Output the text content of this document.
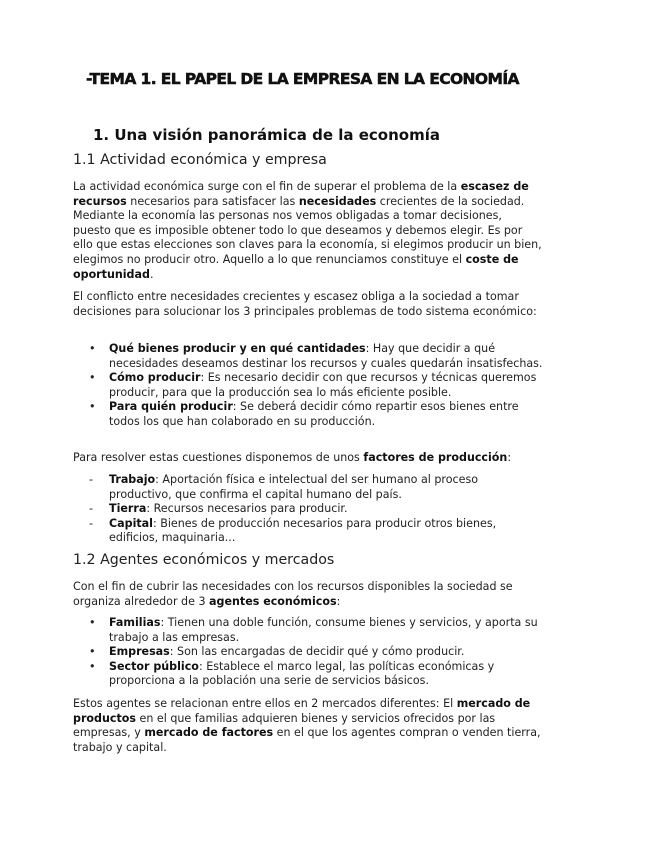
-TEMA 1. EL PAPEL DE LA EMPRESA EN LA ECONOMÍA
1. Una visión panorámica de la economía
1.1 Actividad económica y empresa

La actividad económica surge con el fin de superar el problema de la escasez de recursos necesarios para satisfacer las necesidades crecientes de la sociedad. Mediante la economía las personas nos vemos obligadas a tomar decisiones, puesto que es imposible obtener todo lo que deseamos y debemos elegir. Es por ello que estas elecciones son claves para la economía, si elegimos producir un bien, elegimos no producir otro. Aquello a lo que renunciamos constituye el coste de oportunidad.

El conflicto entre necesidades crecientes y escasez obliga a la sociedad a tomar decisiones para solucionar los 3 principales problemas de todo sistema económico:

•	Qué bienes producir y en qué cantidades: Hay que decidir a qué necesidades deseamos destinar los recursos y cuales quedarán insatisfechas.
•	Cómo producir: Es necesario decidir con que recursos y técnicas queremos producir, para que la producción sea lo más eficiente posible.
•	Para quién producir: Se deberá decidir cómo repartir esos bienes entre todos los que han colaborado en su producción.

Para resolver estas cuestiones disponemos de unos factores de producción:

-	Trabajo: Aportación física e intelectual del ser humano al proceso productivo, que confirma el capital humano del país.
-	Tierra: Recursos necesarios para producir.
-	Capital: Bienes de producción necesarios para producir otros bienes, edificios, maquinaria...
1.2 Agentes económicos y mercados

Con el fin de cubrir las necesidades con los recursos disponibles la sociedad se organiza alrededor de 3 agentes económicos:

•	Familias: Tienen una doble función, consume bienes y servicios, y aporta su trabajo a las empresas.
•	Empresas: Son las encargadas de decidir qué y cómo producir.
•	Sector público: Establece el marco legal, las políticas económicas y proporciona a la población una serie de servicios básicos.

Estos agentes se relacionan entre ellos en 2 mercados diferentes: El mercado de productos en el que familias adquieren bienes y servicios ofrecidos por las empresas, y mercado de factores en el que los agentes compran o venden tierra, trabajo y capital.
